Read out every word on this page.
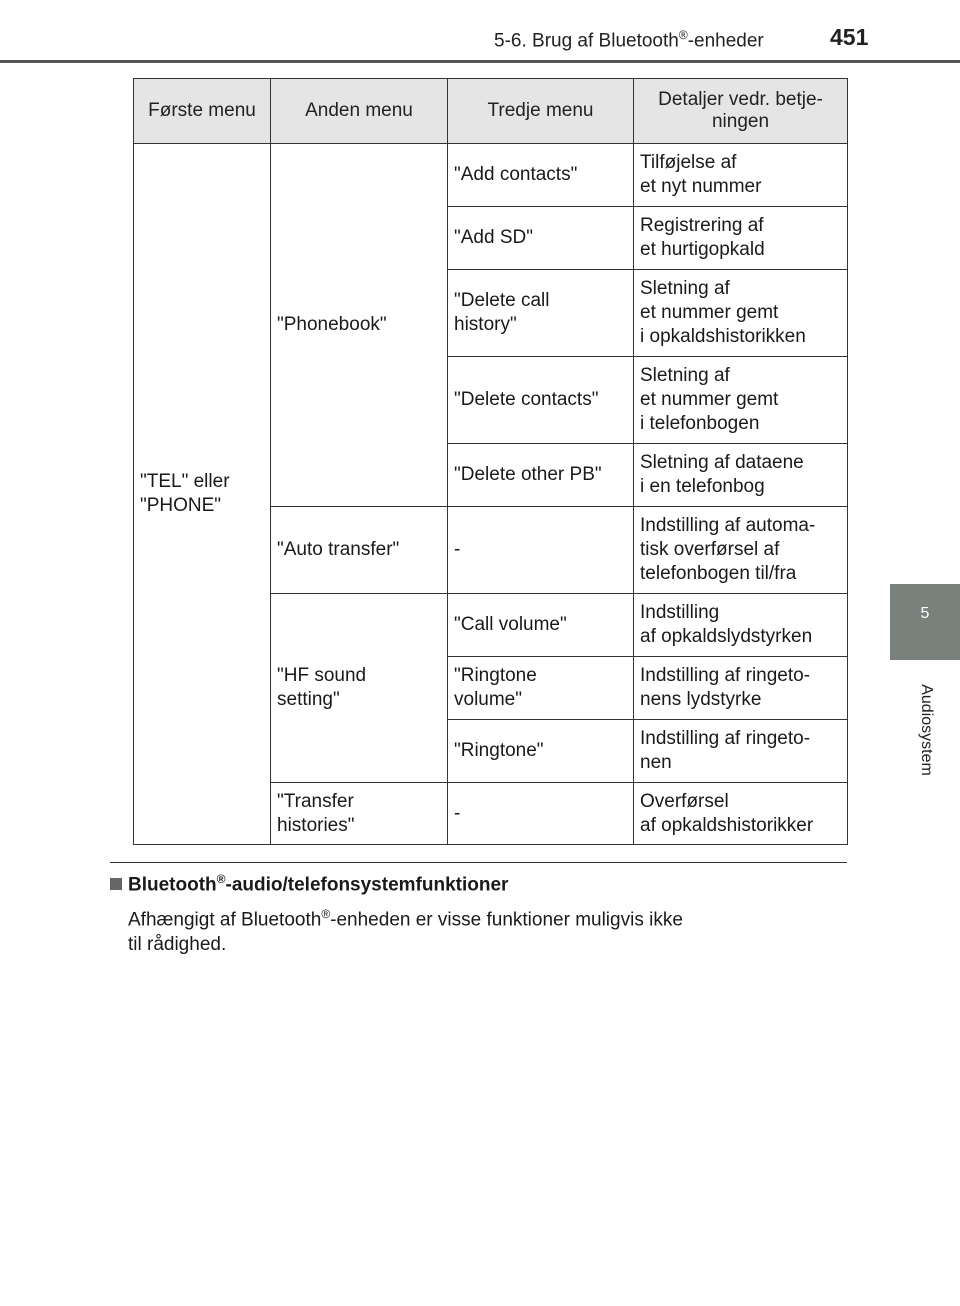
5-6. Brug af Bluetooth®-enheder	451
5
Audiosystem
Første menu	Anden menu	Tredje menu	Detaljer vedr. betje-
ningen
"TEL" eller
"PHONE"	"Phonebook"	"Add contacts"	Tilføjelse af
et nyt nummer
		"Add SD"	Registrering af
et hurtigopkald
		"Delete call
history"	Sletning af
et nummer gemt
i opkaldshistorikken
		"Delete contacts"	Sletning af
et nummer gemt
i telefonbogen
		"Delete other PB"	Sletning af dataene
i en telefonbog
	"Auto transfer"	-	Indstilling af automa-
tisk overførsel af
telefonbogen til/fra
	"HF sound
setting"	"Call volume"	Indstilling
af opkaldslydstyrken
		"Ringtone
volume"	Indstilling af ringeto-
nens lydstyrke
		"Ringtone"	Indstilling af ringeto-
nen
	"Transfer
histories"	-	Overførsel
af opkaldshistorikker
Bluetooth®-audio/telefonsystemfunktioner
Afhængigt af Bluetooth®-enheden er visse funktioner muligvis ikke
til rådighed.
